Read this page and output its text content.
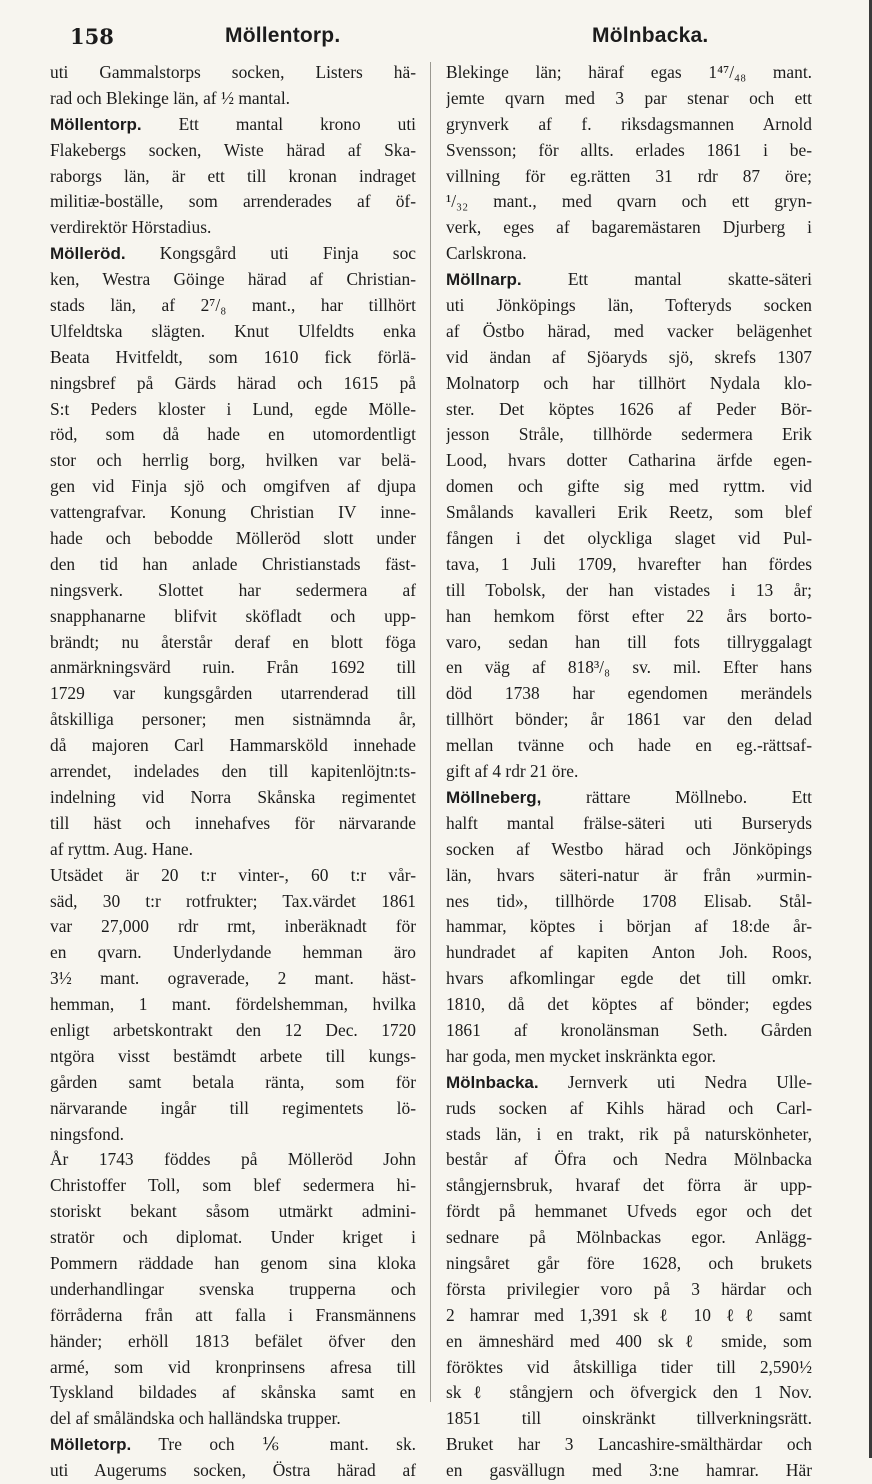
158	Möllentorp.	Mölnbacka.
uti Gammalstorps socken, Listers hä-
rad och Blekinge län, af ½ mantal.
Möllentorp. Ett mantal krono uti
Flakebergs socken, Wiste härad af Ska-
raborgs län, är ett till kronan indraget
militiæ-boställe, som arrenderades af öf-
verdirektör Hörstadius.
Mölleröd. Kongsgård uti Finja soc
ken, Westra Göinge härad af Christian-
stads län, af 2⁷/₈ mant., har tillhört
Ulfeldtska slägten. Knut Ulfeldts enka
Beata Hvitfeldt, som 1610 fick förlä-
ningsbref på Gärds härad och 1615 på
S:t Peders kloster i Lund, egde Mölle-
röd, som då hade en utomordentligt
stor och herrlig borg, hvilken var belä-
gen vid Finja sjö och omgifven af djupa
vattengrafvar. Konung Christian IV inne-
hade och bebodde Mölleröd slott under
den tid han anlade Christianstads fäst-
ningsverk. Slottet har sedermera af
snapphanarne blifvit sköfladt och upp-
brändt; nu återstår deraf en blott föga
anmärkningsvärd ruin. Från 1692 till
1729 var kungsgården utarrenderad till
åtskilliga personer; men sistnämnda år,
då majoren Carl Hammarsköld innehade
arrendet, indelades den till kapitenlöjtn:ts-
indelning vid Norra Skånska regimentet
till häst och innehafves för närvarande
af ryttm. Aug. Hane.
Utsädet är 20 t:r vinter-, 60 t:r vår-
säd, 30 t:r rotfrukter; Tax.värdet 1861
var 27,000 rdr rmt, inberäknadt för
en qvarn. Underlydande hemman äro
3½ mant. ograverade, 2 mant. häst-
hemman, 1 mant. fördelshemman, hvilka
enligt arbetskontrakt den 12 Dec. 1720
ntgöra visst bestämdt arbete till kungs-
gården samt betala ränta, som för
närvarande ingår till regimentets lö-
ningsfond.
År 1743 föddes på Mölleröd John
Christoffer Toll, som blef sedermera hi-
storiskt bekant såsom utmärkt admini-
stratör och diplomat. Under kriget i
Pommern räddade han genom sina kloka
underhandlingar svenska trupperna och
förråderna från att falla i Fransmännens
händer; erhöll 1813 befälet öfver den
armé, som vid kronprinsens afresa till
Tyskland bildades af skånska samt en
del af småländska och halländska trupper.
Mölletorp. Tre och ⅙ mant. sk.
uti Augerums socken, Östra härad af
Blekinge län; häraf egas 1⁴⁷/₄₈ mant.
jemte qvarn med 3 par stenar och ett
grynverk af f. riksdagsmannen Arnold
Svensson; för allts. erlades 1861 i be-
villning för eg.rätten 31 rdr 87 öre;
¹/₃₂ mant., med qvarn och ett gryn-
verk, eges af bagaremästaren Djurberg i
Carlskrona.
Möllnarp. Ett mantal skatte-säteri
uti Jönköpings län, Tofteryds socken
af Östbo härad, med vacker belägenhet
vid ändan af Sjöaryds sjö, skrefs 1307
Molnatorp och har tillhört Nydala klo-
ster. Det köptes 1626 af Peder Bör-
jesson Stråle, tillhörde sedermera Erik
Lood, hvars dotter Catharina ärfde egen-
domen och gifte sig med ryttm. vid
Smålands kavalleri Erik Reetz, som blef
fången i det olyckliga slaget vid Pul-
tava, 1 Juli 1709, hvarefter han fördes
till Tobolsk, der han vistades i 13 år;
han hemkom först efter 22 års borto-
varo, sedan han till fots tillryggalagt
en väg af 818³/₈ sv. mil. Efter hans
död 1738 har egendomen merändels
tillhört bönder; år 1861 var den delad
mellan tvänne och hade en eg.-rättsaf-
gift af 4 rdr 21 öre.
Möllneberg, rättare Möllnebo. Ett
halft mantal frälse-säteri uti Burseryds
socken af Westbo härad och Jönköpings
län, hvars säteri-natur är från »urmin-
nes tid», tillhörde 1708 Elisab. Stål-
hammar, köptes i början af 18:de år-
hundradet af kapiten Anton Joh. Roos,
hvars afkomlingar egde det till omkr.
1810, då det köptes af bönder; egdes
1861 af kronolänsman Seth. Gården
har goda, men mycket inskränkta egor.
Mölnbacka. Jernverk uti Nedra Ulle-
ruds socken af Kihls härad och Carl-
stads län, i en trakt, rik på naturskönheter,
består af Öfra och Nedra Mölnbacka
stångjernsbruk, hvaraf det förra är upp-
fördt på hemmanet Ufveds egor och det
sednare på Mölnbackas egor. Anlägg-
ningsåret går före 1628, och brukets
första privilegier voro på 3 härdar och
2 hamrar med 1,391 skℓ 10 ℓℓ samt
en ämneshärd med 400 skℓ smide, som
föröktes vid åtskilliga tider till 2,590½
skℓ stångjern och öfvergick den 1 Nov.
1851 till oinskränkt tillverkningsrätt.
Bruket har 3 Lancashire-smälthärdar och
en gasvällugn med 3:ne hamrar. Här
